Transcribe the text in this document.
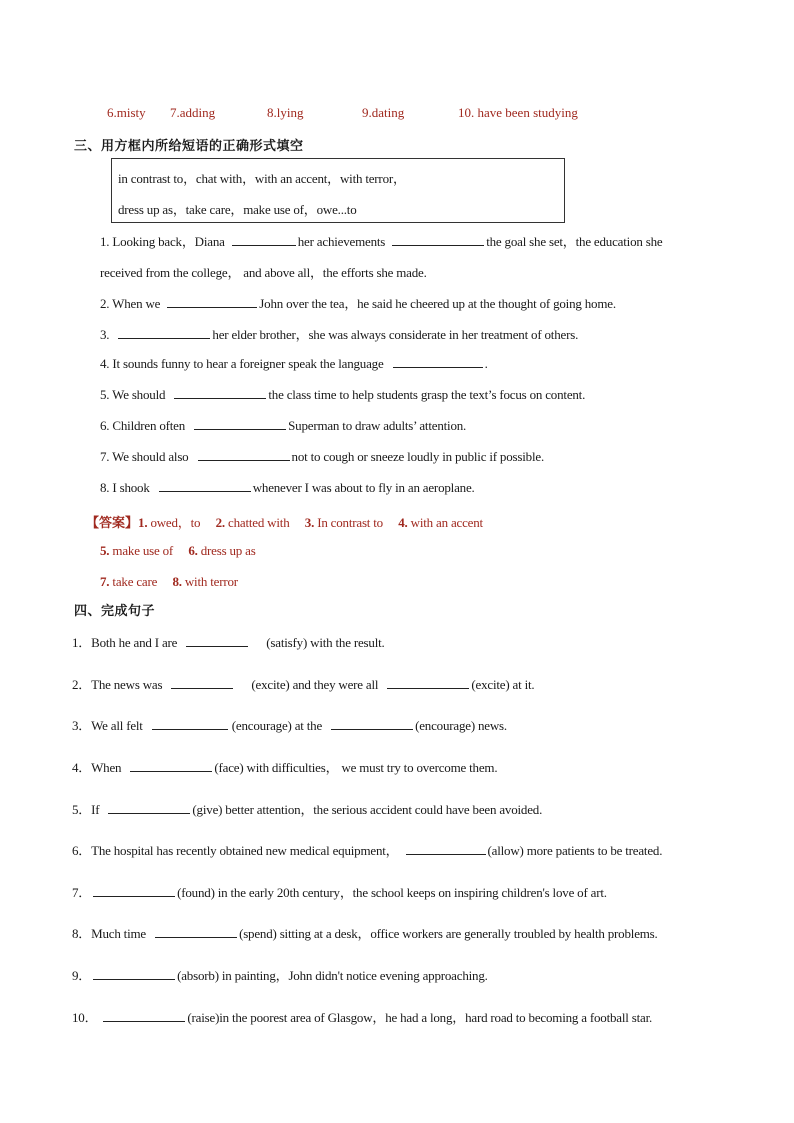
6.misty 7.adding	8.lying	9.dating	10. have been studying
三、用方框内所给短语的正确形式填空
in contrast to，chat with，with an accent，with terror，
dress up as，take care，make use of，owe...to
1. Looking back，Diana	her achievements	the goal she set，the education she
received from the college， and above all，the efforts she made.
2. When we	John over the tea，he said he cheered up at the thought of going home.
3.	her elder brother，she was always considerate in her treatment of others.
4. It sounds funny to hear a foreigner speak the language	.
5. We should	the class time to help students grasp the text’s focus on content.
6. Children often	Superman to draw adults’ attention.
7. We should also	not to cough or sneeze loudly in public if possible.
8. I shook	whenever I was about to fly in an aeroplane.
【答案】1. owed，to 2. chatted with 3. In contrast to 4. with an accent
5. make use of 6. dress up as
7. take care 8. with terror
四、完成句子
1．Both he and I are	(satisfy) with the result.
2．The news was	(excite) and they were all	(excite) at it.
3．We all felt	(encourage) at the	(encourage) news.
4．When	(face) with difficulties， we must try to overcome them.
5．If	(give) better attention，the serious accident could have been avoided.
6．The hospital has recently obtained new medical equipment，	(allow) more patients to be treated.
7．	(found) in the early 20th century，the school keeps on inspiring children's love of art.
8．Much time	(spend) sitting at a desk，office workers are generally troubled by health problems.
9．	(absorb) in painting，John didn't notice evening approaching.
10．	(raise)in the poorest area of Glasgow，he had a long，hard road to becoming a football star.
